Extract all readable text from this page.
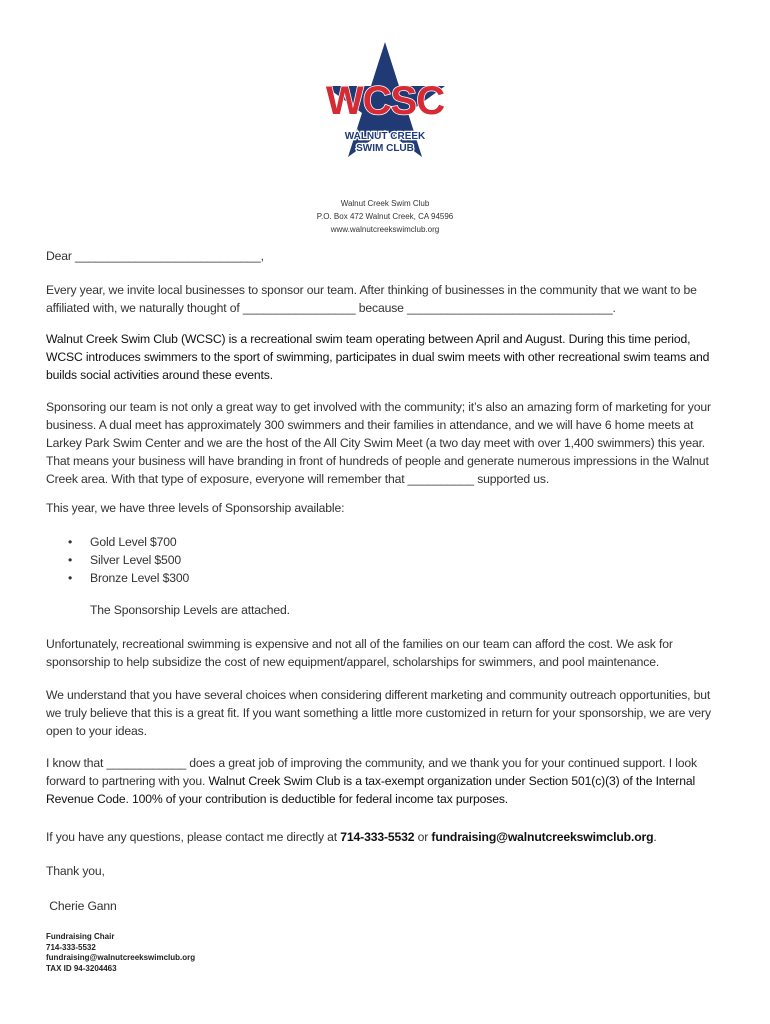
WCSC
WALNUT CREEK
SWIM CLUB
Walnut Creek Swim Club
P.O. Box 472 Walnut Creek, CA 94596
www.walnutcreekswimclub.org

Dear ____________________________,

Every year, we invite local businesses to sponsor our team. After thinking of businesses in the community that we want to be affiliated with, we naturally thought of _________________ because _______________________________.

Walnut Creek Swim Club (WCSC) is a recreational swim team operating between April and August. During this time period, WCSC introduces swimmers to the sport of swimming, participates in dual swim meets with other recreational swim teams and builds social activities around these events.

Sponsoring our team is not only a great way to get involved with the community; it’s also an amazing form of marketing for your business. A dual meet has approximately 300 swimmers and their families in attendance, and we will have 6 home meets at Larkey Park Swim Center and we are the host of the All City Swim Meet (a two day meet with over 1,400 swimmers) this year. That means your business will have branding in front of hundreds of people and generate numerous impressions in the Walnut Creek area. With that type of exposure, everyone will remember that __________ supported us.

This year, we have three levels of Sponsorship available:

• Gold Level $700
• Silver Level $500
• Bronze Level $300

The Sponsorship Levels are attached.

Unfortunately, recreational swimming is expensive and not all of the families on our team can afford the cost. We ask for sponsorship to help subsidize the cost of new equipment/apparel, scholarships for swimmers, and pool maintenance.

We understand that you have several choices when considering different marketing and community outreach opportunities, but we truly believe that this is a great fit. If you want something a little more customized in return for your sponsorship, we are very open to your ideas.

I know that ____________ does a great job of improving the community, and we thank you for your continued support. I look forward to partnering with you. Walnut Creek Swim Club is a tax-exempt organization under Section 501(c)(3) of the Internal Revenue Code. 100% of your contribution is deductible for federal income tax purposes.

If you have any questions, please contact me directly at 714-333-5532 or fundraising@walnutcreekswimclub.org.

Thank you,

Cherie Gann

Fundraising Chair
714-333-5532
fundraising@walnutcreekswimclub.org
TAX ID 94-3204463
